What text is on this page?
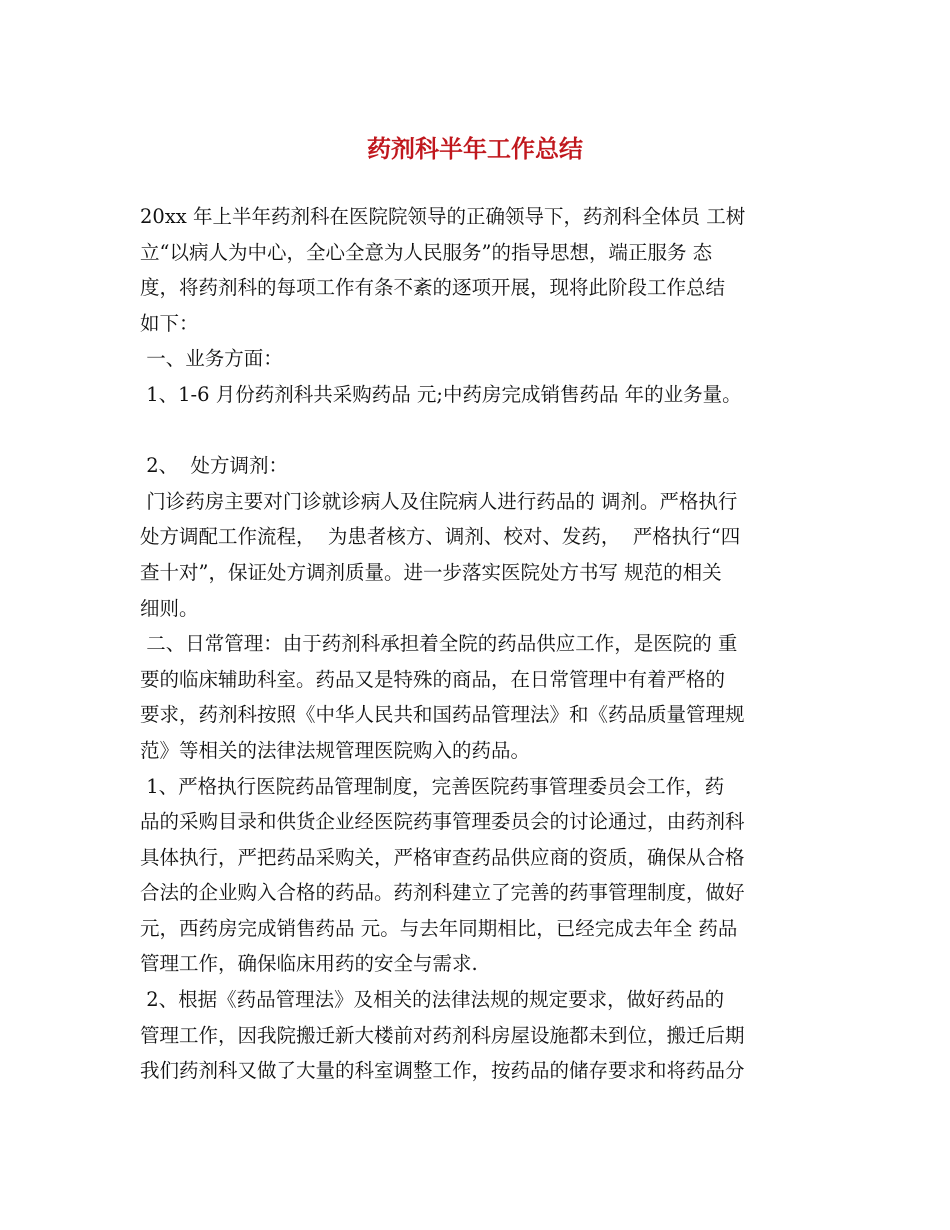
药剂科半年工作总结
20xx 年上半年药剂科在医院院领导的正确领导下，药剂科全体员 工树
立“以病人为中心，全心全意为人民服务”的指导思想，端正服务 态
度，将药剂科的每项工作有条不紊的逐项开展，现将此阶段工作总结
如下：
一、业务方面：
1、1-6 月份药剂科共采购药品 元;中药房完成销售药品 年的业务量。
2、  处方调剂：
门诊药房主要对门诊就诊病人及住院病人进行药品的 调剂。严格执行
处方调配工作流程，  为患者核方、调剂、校对、发药，  严格执行“四
查十对”，保证处方调剂质量。进一步落实医院处方书写 规范的相关
细则。
二、日常管理：由于药剂科承担着全院的药品供应工作，是医院的 重
要的临床辅助科室。药品又是特殊的商品，在日常管理中有着严格的
要求，药剂科按照《中华人民共和国药品管理法》和《药品质量管理规
范》等相关的法律法规管理医院购入的药品。
1、严格执行医院药品管理制度，完善医院药事管理委员会工作，药
品的采购目录和供货企业经医院药事管理委员会的讨论通过，由药剂科
具体执行，严把药品采购关，严格审查药品供应商的资质，确保从合格
合法的企业购入合格的药品。药剂科建立了完善的药事管理制度，做好
元，西药房完成销售药品 元。与去年同期相比，已经完成去年全 药品
管理工作，确保临床用药的安全与需求.
2、根据《药品管理法》及相关的法律法规的规定要求，做好药品的
管理工作，因我院搬迁新大楼前对药剂科房屋设施都未到位，搬迁后期
我们药剂科又做了大量的科室调整工作，按药品的储存要求和将药品分
